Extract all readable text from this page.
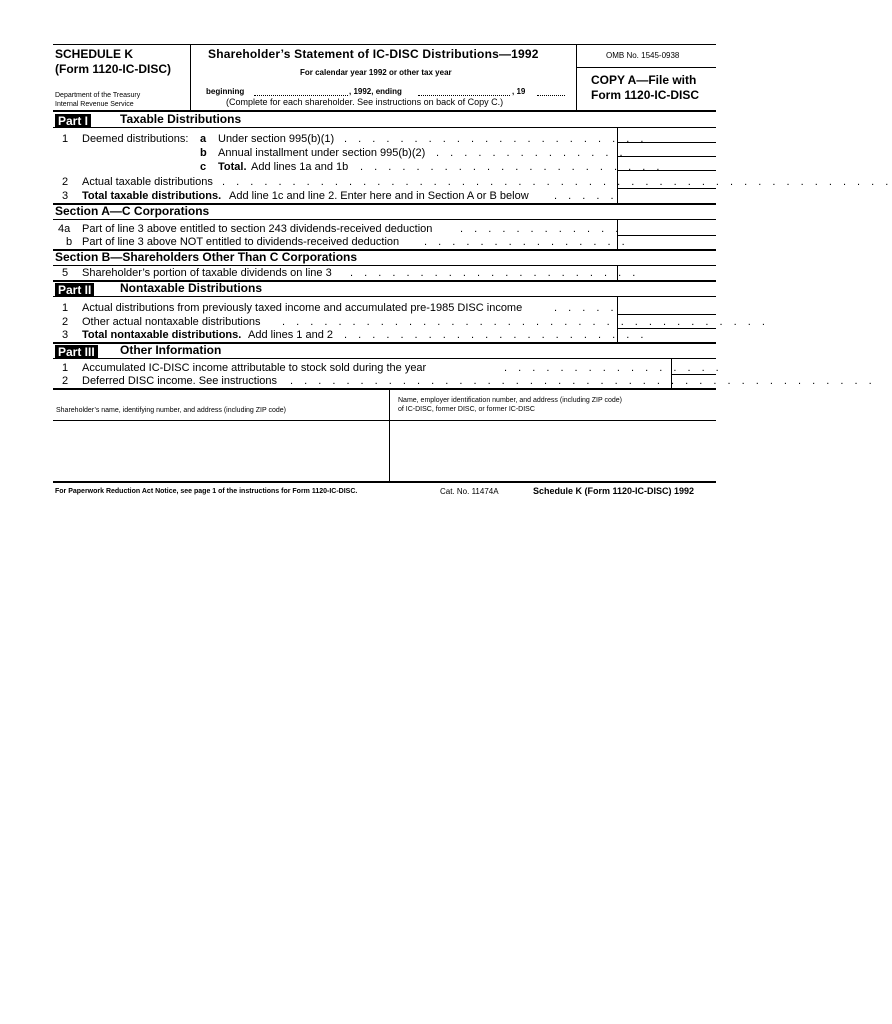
SCHEDULE K
(Form 1120-IC-DISC)
Department of the Treasury
Internal Revenue Service
Shareholder’s Statement of IC-DISC Distributions—1992
For calendar year 1992 or other tax year
beginning	, 1992, ending	, 19
(Complete for each shareholder. See instructions on back of Copy C.)
OMB No. 1545-0938
COPY A—File with
Form 1120-IC-DISC
Part I	Taxable Distributions
1 Deemed distributions: a Under section 995(b)(1) . . . . . . . . . . . . . . . . . . . . . .
b Annual installment under section 995(b)(2) . . . . . . . . . . . . . .
c Total. Add lines 1a and 1b . . . . . . . . . . . . . . . . . . . . . .
2 Actual taxable distributions . . . . . . . . . . . . . . . . . . . . . . . . . . . . . . . . . . . . . . . . . . . . . . . .
3 Total taxable distributions. Add line 1c and line 2. Enter here and in Section A or B below . . . . .
Section A—C Corporations
4a Part of line 3 above entitled to section 243 dividends-received deduction	. . . . . . . . . . . .
b Part of line 3 above NOT entitled to dividends-received deduction . . . . . . . . . . . . . . .
Section B—Shareholders Other Than C Corporations
5 Shareholder’s portion of taxable dividends on line 3 . . . . . . . . . . . . . . . . . . . . .
Part II Nontaxable Distributions
1 Actual distributions from previously taxed income and accumulated pre-1985 DISC income	. . . . .
2 Other actual nontaxable distributions . . . . . . . . . . . . . . . . . . . . . . . . . . . . . . . . . . .
3 Total nontaxable distributions. Add lines 1 and 2 . . . . . . . . . . . . . . . . . . . . . .
Part III Other Information
1 Accumulated IC-DISC income attributable to stock sold during the year	. . . . . . . . . . . . . . . .
2 Deferred DISC income. See instructions . . . . . . . . . . . . . . . . . . . . . . . . . . . . . . . . . . . . . . . . . .
Shareholder’s name, identifying number, and address (including ZIP code)
Name, employer identification number, and address (including ZIP code)
of IC-DISC, former DISC, or former IC-DISC
For Paperwork Reduction Act Notice, see page 1 of the instructions for Form 1120-IC-DISC.	Cat. No. 11474A	Schedule K (Form 1120-IC-DISC) 1992
